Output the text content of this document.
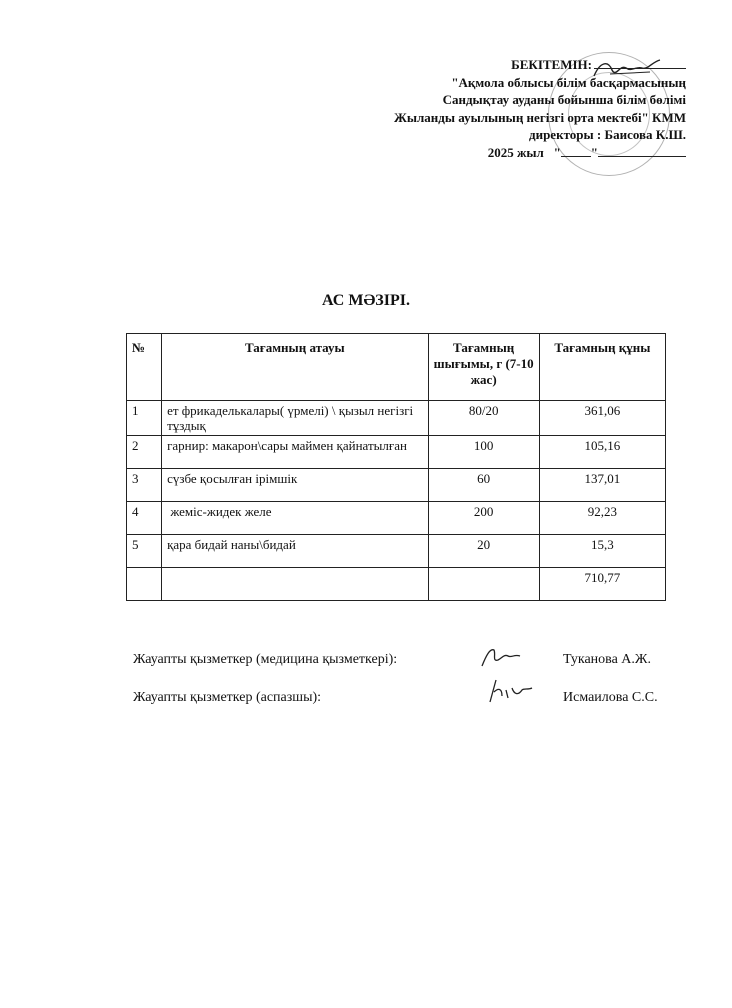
БЕКІТЕМІН:
"Ақмола облысы білім басқармасының
Сандықтау ауданы бойынша білім бөлімі
Жыланды ауылының негізгі орта мектебі" КММ
директоры : Баисова К.Ш.
2025 жыл " "
АС МӘЗІРІ.
№	Тағамның атауы	Тағамның шығымы, г (7-10 жас)	Тағамның құны
1	ет фрикаделькалары( үрмелі) \ қызыл негізгі тұздық	80/20	361,06
2	гарнир: макарон\сары маймен қайнатылған	100	105,16
3	сүзбе қосылған ірімшік	60	137,01
4	жеміс-жидек желе	200	92,23
5	қара бидай наны\бидай	20	15,3
			710,77
Жауапты қызметкер (медицина қызметкері):	Туканова А.Ж.
Жауапты қызметкер (аспазшы):	Исмаилова С.С.
